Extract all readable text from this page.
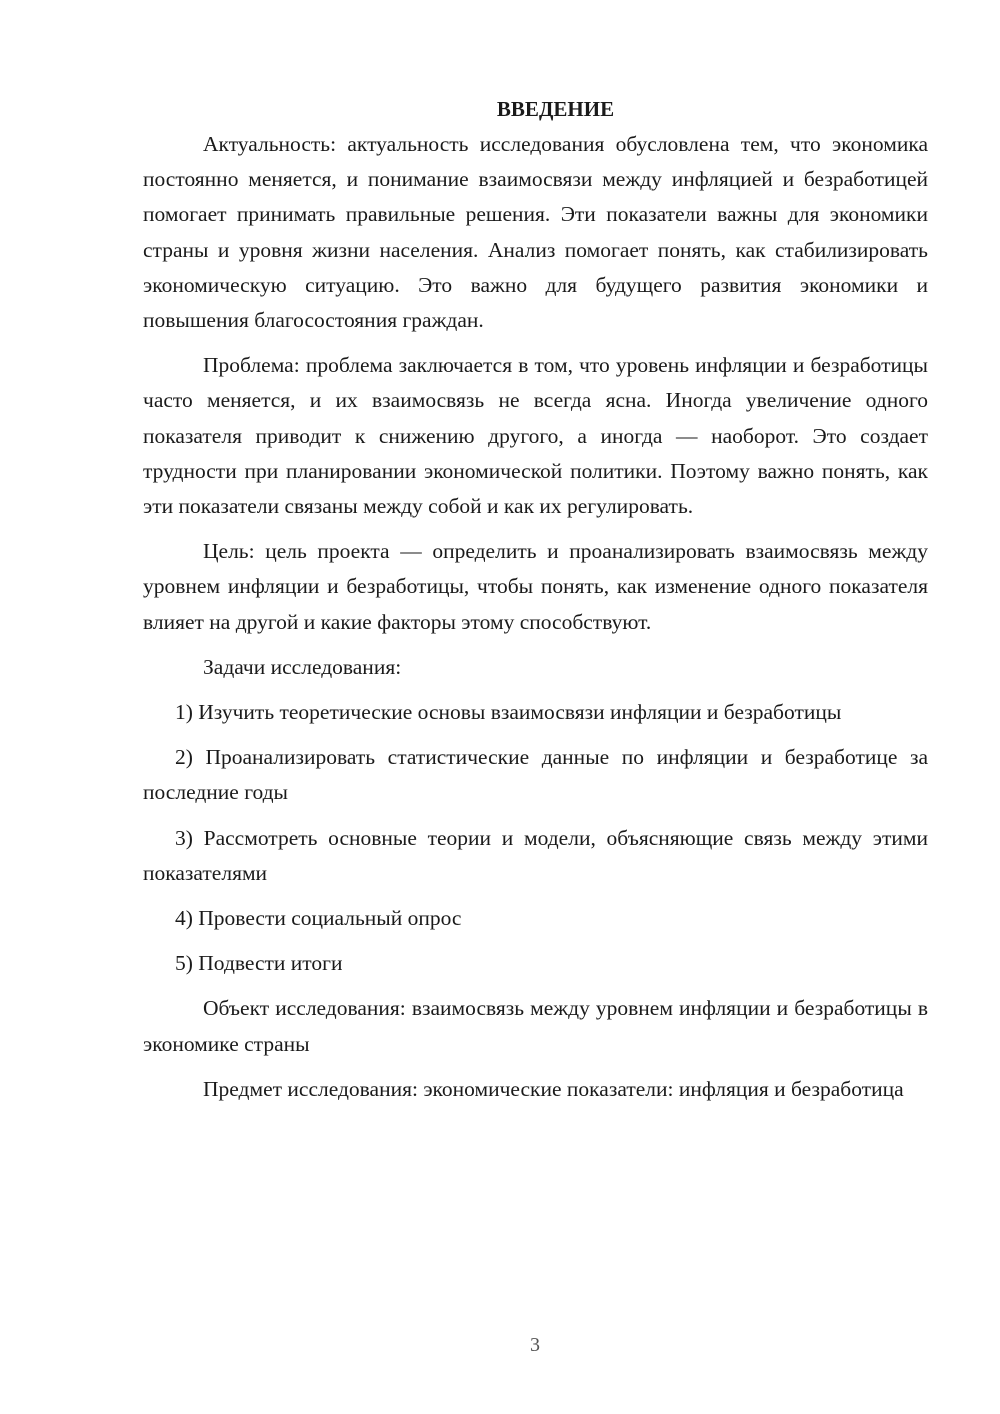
ВВЕДЕНИЕ

Актуальность: актуальность исследования обусловлена тем, что экономика постоянно меняется, и понимание взаимосвязи между инфляцией и безработицей помогает принимать правильные решения. Эти показатели важны для экономики страны и уровня жизни населения. Анализ помогает понять, как стабилизировать экономическую ситуацию. Это важно для будущего развития экономики и повышения благосостояния граждан.

Проблема: проблема заключается в том, что уровень инфляции и безработицы часто меняется, и их взаимосвязь не всегда ясна. Иногда увеличение одного показателя приводит к снижению другого, а иногда — наоборот. Это создает трудности при планировании экономической политики. Поэтому важно понять, как эти показатели связаны между собой и как их регулировать.

Цель: цель проекта — определить и проанализировать взаимосвязь между уровнем инфляции и безработицы, чтобы понять, как изменение одного показателя влияет на другой и какие факторы этому способствуют.

Задачи исследования:

1) Изучить теоретические основы взаимосвязи инфляции и безработицы

2) Проанализировать статистические данные по инфляции и безработице за последние годы

3) Рассмотреть основные теории и модели, объясняющие связь между этими показателями

4) Провести социальный опрос

5) Подвести итоги

Объект исследования: взаимосвязь между уровнем инфляции и безработицы в экономике страны

Предмет исследования: экономические показатели: инфляция и безработица

3
